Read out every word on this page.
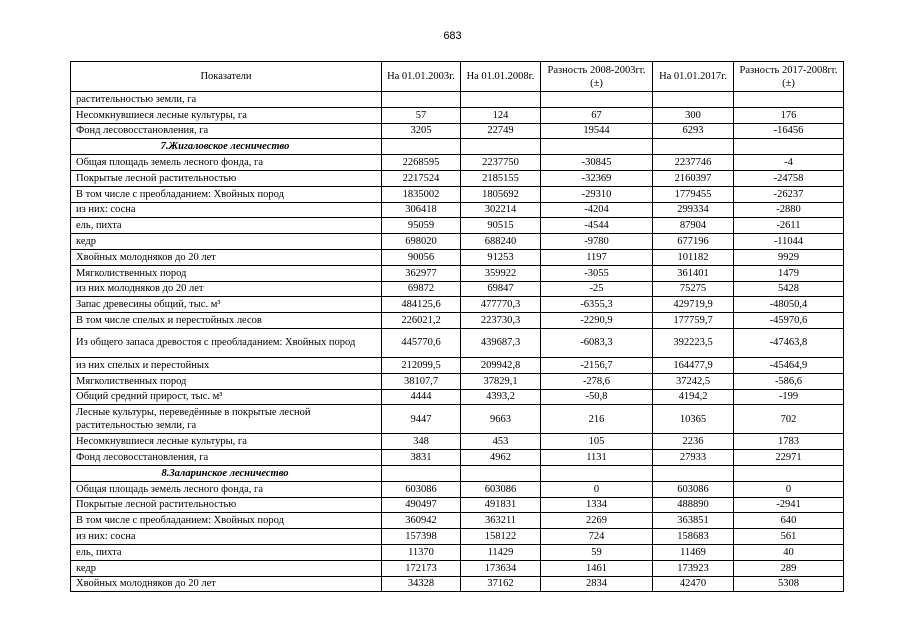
683
Показатели	На 01.01.2003г.	На 01.01.2008г.	Разность 2008-2003гг. (±)	На 01.01.2017г.	Разность 2017-2008гг. (±)
растительностью земли, га					
Несомкнувшиеся лесные культуры, га	57	124	67	300	176
Фонд лесовосстановления, га	3205	22749	19544	6293	-16456
7.Жигаловское лесничество					
Общая площадь земель лесного фонда, га	2268595	2237750	-30845	2237746	-4
Покрытые лесной растительностью	2217524	2185155	-32369	2160397	-24758
В том числе с преобладанием: Хвойных пород	1835002	1805692	-29310	1779455	-26237
из них: сосна	306418	302214	-4204	299334	-2880
ель, пихта	95059	90515	-4544	87904	-2611
кедр	698020	688240	-9780	677196	-11044
Хвойных молодняков до 20 лет	90056	91253	1197	101182	9929
Мягколиственных пород	362977	359922	-3055	361401	1479
из них молодняков до 20 лет	69872	69847	-25	75275	5428
Запас древесины общий, тыс. м³	484125,6	477770,3	-6355,3	429719,9	-48050,4
В том числе спелых и перестойных лесов	226021,2	223730,3	-2290,9	177759,7	-45970,6
Из общего запаса древостоя с преобладанием: Хвойных пород	445770,6	439687,3	-6083,3	392223,5	-47463,8
из них спелых и перестойных	212099,5	209942,8	-2156,7	164477,9	-45464,9
Мягколиственных пород	38107,7	37829,1	-278,6	37242,5	-586,6
Общий средний прирост, тыс. м³	4444	4393,2	-50,8	4194,2	-199
Лесные культуры, переведённые в покрытые лесной растительностью земли, га	9447	9663	216	10365	702
Несомкнувшиеся лесные культуры, га	348	453	105	2236	1783
Фонд лесовосстановления, га	3831	4962	1131	27933	22971
8.Заларинское лесничество					
Общая площадь земель лесного фонда, га	603086	603086	0	603086	0
Покрытые лесной растительностью	490497	491831	1334	488890	-2941
В том числе с преобладанием: Хвойных пород	360942	363211	2269	363851	640
из них: сосна	157398	158122	724	158683	561
ель, пихта	11370	11429	59	11469	40
кедр	172173	173634	1461	173923	289
Хвойных молодняков до 20 лет	34328	37162	2834	42470	5308
